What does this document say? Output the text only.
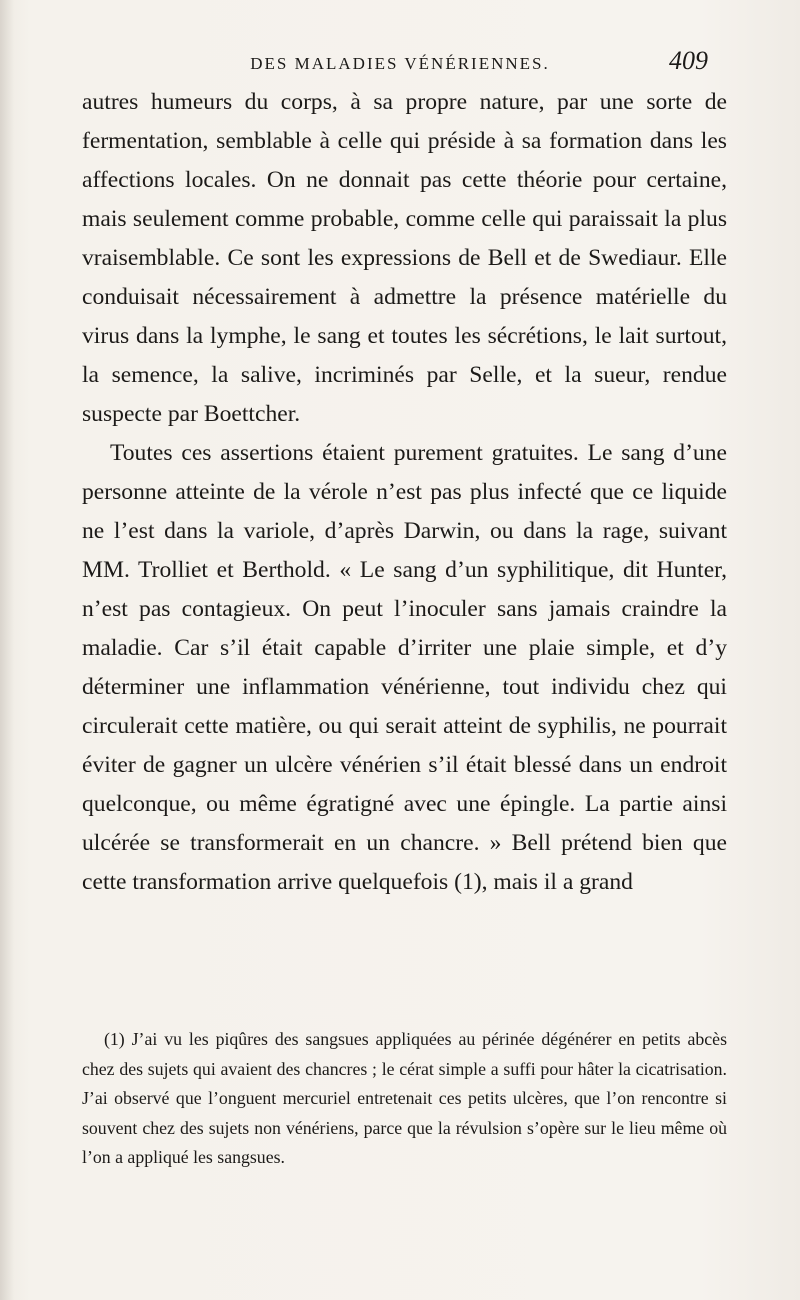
DES MALADIES VÉNÉRIENNES.	409

autres humeurs du corps, à sa propre nature, par une sorte de fermentation, semblable à celle qui préside à sa formation dans les affections locales. On ne donnait pas cette théorie pour certaine, mais seulement comme probable, comme celle qui paraissait la plus vraisemblable. Ce sont les expressions de Bell et de Swediaur. Elle conduisait nécessairement à admettre la présence matérielle du virus dans la lymphe, le sang et toutes les sécrétions, le lait surtout, la semence, la salive, incriminés par Selle, et la sueur, rendue suspecte par Boettcher.

Toutes ces assertions étaient purement gratuites. Le sang d’une personne atteinte de la vérole n’est pas plus infecté que ce liquide ne l’est dans la variole, d’après Darwin, ou dans la rage, suivant MM. Trolliet et Berthold. « Le sang d’un syphilitique, dit Hunter, n’est pas contagieux. On peut l’inoculer sans jamais craindre la maladie. Car s’il était capable d’irriter une plaie simple, et d’y déterminer une inflammation vénérienne, tout individu chez qui circulerait cette matière, ou qui serait atteint de syphilis, ne pourrait éviter de gagner un ulcère vénérien s’il était blessé dans un endroit quelconque, ou même égratigné avec une épingle. La partie ainsi ulcérée se transformerait en un chancre. » Bell prétend bien que cette transformation arrive quelquefois (1), mais il a grand

(1) J’ai vu les piqûres des sangsues appliquées au périnée dégénérer en petits abcès chez des sujets qui avaient des chancres ; le cérat simple a suffi pour hâter la cicatrisation. J’ai observé que l’onguent mercuriel entretenait ces petits ulcères, que l’on rencontre si souvent chez des sujets non vénériens, parce que la révulsion s’opère sur le lieu même où l’on a appliqué les sangsues.
